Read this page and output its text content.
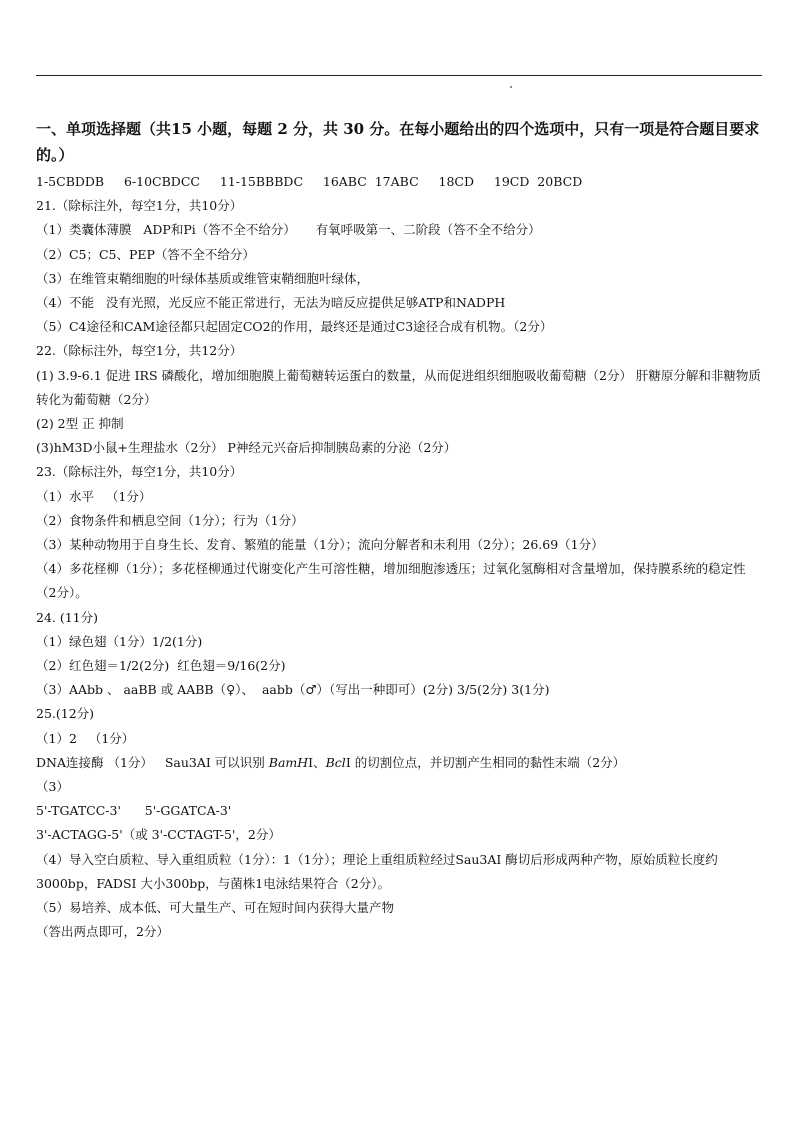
一、单项选择题（共15 小题，每题 2 分，共 30 分。在每小题给出的四个选项中，只有一项是符合题目要求的。）
1-5CBDDB     6-10CBDCC     11-15BBBDC     16ABC  17ABC     18CD     19CD  20BCD
21.（除标注外，每空1分，共10分）
（1）类囊体薄膜   ADP和Pi（答不全不给分）     有氧呼吸第一、二阶段（答不全不给分）
（2）C5；C5、PEP（答不全不给分）
（3）在维管束鞘细胞的叶绿体基质或维管束鞘细胞叶绿体，
（4）不能   没有光照，光反应不能正常进行，无法为暗反应提供足够ATP和NADPH
（5）C4途径和CAM途径都只起固定CO2的作用，最终还是通过C3途径合成有机物。（2分）
22.（除标注外，每空1分，共12分）
(1) 3.9-6.1 促进 IRS 磷酸化，增加细胞膜上葡萄糖转运蛋白的数量，从而促进组织细胞吸收葡萄糖（2分） 肝糖原分解和非糖物质转化为葡萄糖（2分）
(2) 2型 正 抑制
(3)hM3D小鼠+生理盐水（2分） P神经元兴奋后抑制胰岛素的分泌（2分）
23.（除标注外，每空1分，共10分）
（1）水平   （1分）
（2）食物条件和栖息空间（1分）；行为（1分）
（3）某种动物用于自身生长、发育、繁殖的能量（1分）；流向分解者和未利用（2分）；26.69（1分）
（4）多花柽柳（1分）；多花柽柳通过代谢变化产生可溶性糖，增加细胞渗透压；过氧化氢酶相对含量增加，保持膜系统的稳定性（2分）。
24. (11分)
（1）绿色翅（1分）1/2(1分)
（2）红色翅＝1/2(2分)  红色翅＝9/16(2分)
（3）AAbb 、 aaBB 或 AABB（♀）、  aabb（♂）（写出一种即可）(2分) 3/5(2分) 3(1分)
25.(12分)
（1）2   （1分）
DNA连接酶 （1分）   Sau3AⅠ 可以识别 BamHⅠ、BclⅠ 的切割位点，并切割产生相同的黏性末端（2分）
（3）
5'-TGATCC-3'      5'-GGATCA-3'
3'-ACTAGG-5'（或 3'-CCTAGT-5'，2分）
（4）导入空白质粒、导入重组质粒（1分）：1（1分）；理论上重组质粒经过Sau3AⅠ 酶切后形成两种产物，原始质粒长度约3000bp，FADSI 大小300bp，与菌株1电泳结果符合（2分）。
（5）易培养、成本低、可大量生产、可在短时间内获得大量产物
（答出两点即可，2分）
